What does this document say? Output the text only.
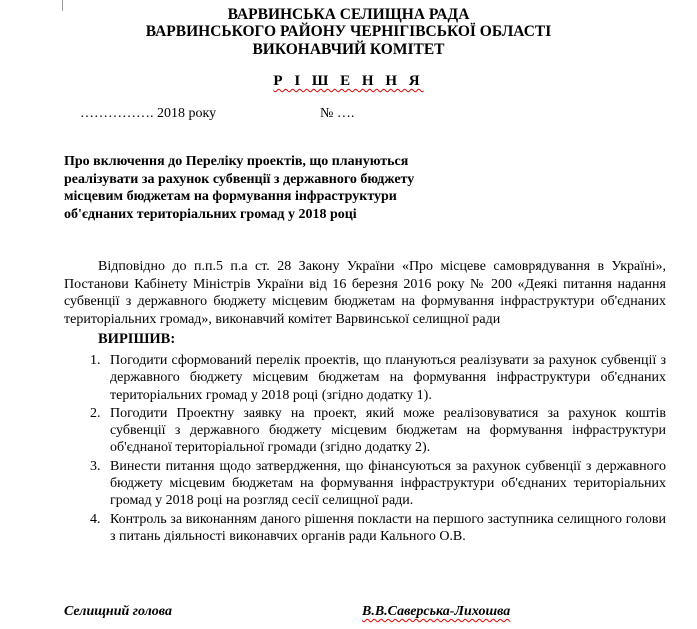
ВАРВИНСЬКА СЕЛИЩНА РАДА
ВАРВИНСЬКОГО РАЙОНУ ЧЕРНІГІВСЬКОЇ ОБЛАСТІ
ВИКОНАВЧИЙ КОМІТЕТ
Р І Ш Е Н Н Я
……………. 2018 року	№ ….
Про включення до Переліку проектів, що плануються реалізувати за рахунок субвенції з державного бюджету місцевим бюджетам на формування інфраструктури об'єднаних територіальних громад у 2018 році
Відповідно до п.п.5 п.а ст. 28 Закону України «Про місцеве самоврядування в Україні», Постанови Кабінету Міністрів України від 16 березня 2016 року № 200 «Деякі питання надання субвенції з державного бюджету місцевим бюджетам на формування інфраструктури об'єднаних територіальних громад», виконавчий комітет Варвинської селищної ради
ВИРІШИВ:
1. Погодити сформований перелік проектів, що плануються реалізувати за рахунок субвенції з державного бюджету місцевим бюджетам на формування інфраструктури об'єднаних територіальних громад у 2018 році (згідно додатку 1).
2. Погодити Проектну заявку на проект, який може реалізовуватися за рахунок коштів субвенції з державного бюджету місцевим бюджетам на формування інфраструктури об'єднаної територіальної громади (згідно додатку 2).
3. Винести питання щодо затвердження, що фінансуються за рахунок субвенції з державного бюджету місцевим бюджетам на формування інфраструктури об'єднаних територіальних громад у 2018 році на розгляд сесії селищної ради.
4. Контроль за виконанням даного рішення покласти на першого заступника селищного голови з питань діяльності виконавчих органів ради Кального О.В.
Селищний голова	В.В.Саверська-Лихошва
